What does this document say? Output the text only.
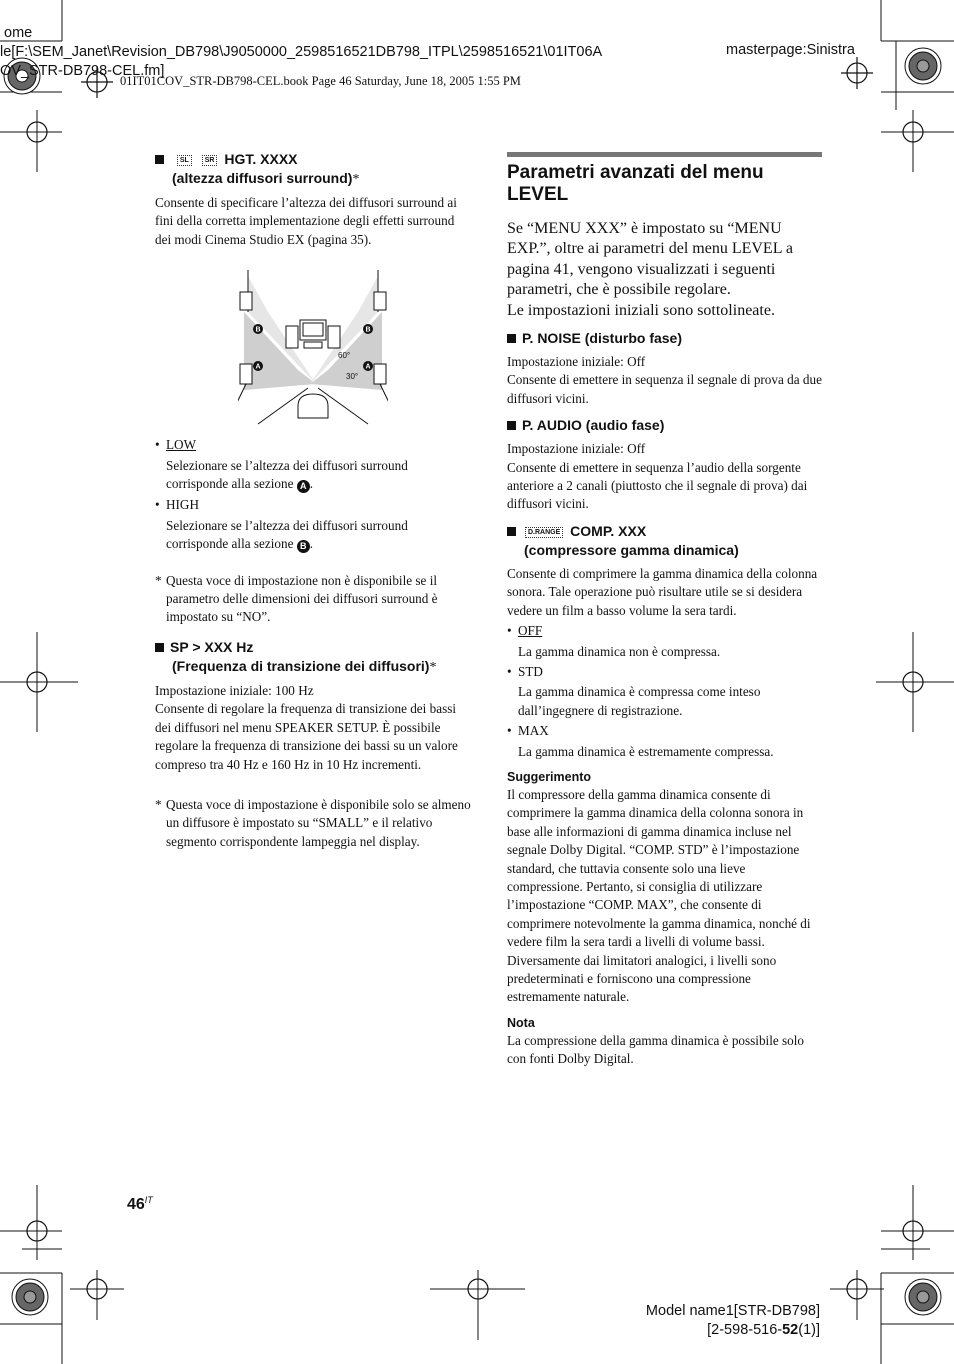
ome
le[F:\SEM_Janet\Revision_DB798\J9050000_2598516521DB798_ITPL\2598516521\01IT06A
OV_STR-DB798-CEL.fm]
masterpage:Sinistra
01IT01COV_STR-DB798-CEL.book Page 46 Saturday, June 18, 2005 1:55 PM
SL SR HGT. XXXX
(altezza diffusori surround)*

Consente di specificare l’altezza dei diffusori surround ai fini della corretta implementazione degli effetti surround dei modi Cinema Studio EX (pagina 35).

B	B
A	A
60°
30°
• LOW
Selezionare se l’altezza dei diffusori surround corrisponde alla sezione A .
• HIGH
Selezionare se l’altezza dei diffusori surround corrisponde alla sezione B .
* Questa voce di impostazione non è disponibile se il parametro delle dimensioni dei diffusori surround è impostato su “NO”.
SP > XXX Hz
(Frequenza di transizione dei diffusori)*

Impostazione iniziale: 100 Hz

Consente di regolare la frequenza di transizione dei bassi dei diffusori nel menu SPEAKER SETUP. È possibile regolare la frequenza di transizione dei bassi su un valore compreso tra 40 Hz e 160 Hz in 10 Hz incrementi.

* Questa voce di impostazione è disponibile solo se almeno un diffusore è impostato su “SMALL” e il relativo segmento corrispondente lampeggia nel display.
Parametri avanzati del menu LEVEL

Se “MENU XXX” è impostato su “MENU EXP.”, oltre ai parametri del menu LEVEL a pagina 41, vengono visualizzati i seguenti parametri, che è possibile regolare.

Le impostazioni iniziali sono sottolineate.

P. NOISE (disturbo fase)

Impostazione iniziale: Off

Consente di emettere in sequenza il segnale di prova da due diffusori vicini.

P. AUDIO (audio fase)

Impostazione iniziale: Off

Consente di emettere in sequenza l’audio della sorgente anteriore a 2 canali (piuttosto che il segnale di prova) dai diffusori vicini.

D.RANGE COMP. XXX
(compressore gamma dinamica)

Consente di comprimere la gamma dinamica della colonna sonora. Tale operazione può risultare utile se si desidera vedere un film a basso volume la sera tardi.

• OFF
La gamma dinamica non è compressa.
• STD
La gamma dinamica è compressa come inteso dall’ingegnere di registrazione.
• MAX
La gamma dinamica è estremamente compressa.
Suggerimento

Il compressore della gamma dinamica consente di comprimere la gamma dinamica della colonna sonora in base alle informazioni di gamma dinamica incluse nel segnale Dolby Digital. “COMP. STD” è l’impostazione standard, che tuttavia consente solo una lieve compressione. Pertanto, si consiglia di utilizzare l’impostazione “COMP. MAX”, che consente di comprimere notevolmente la gamma dinamica, nonché di vedere film la sera tardi a livelli di volume bassi. Diversamente dai limitatori analogici, i livelli sono predeterminati e forniscono una compressione estremamente naturale.

Nota

La compressione della gamma dinamica è possibile solo con fonti Dolby Digital.

$46^{IT}$
Model name1[STR-DB798]
[2-598-516-52(1)]
